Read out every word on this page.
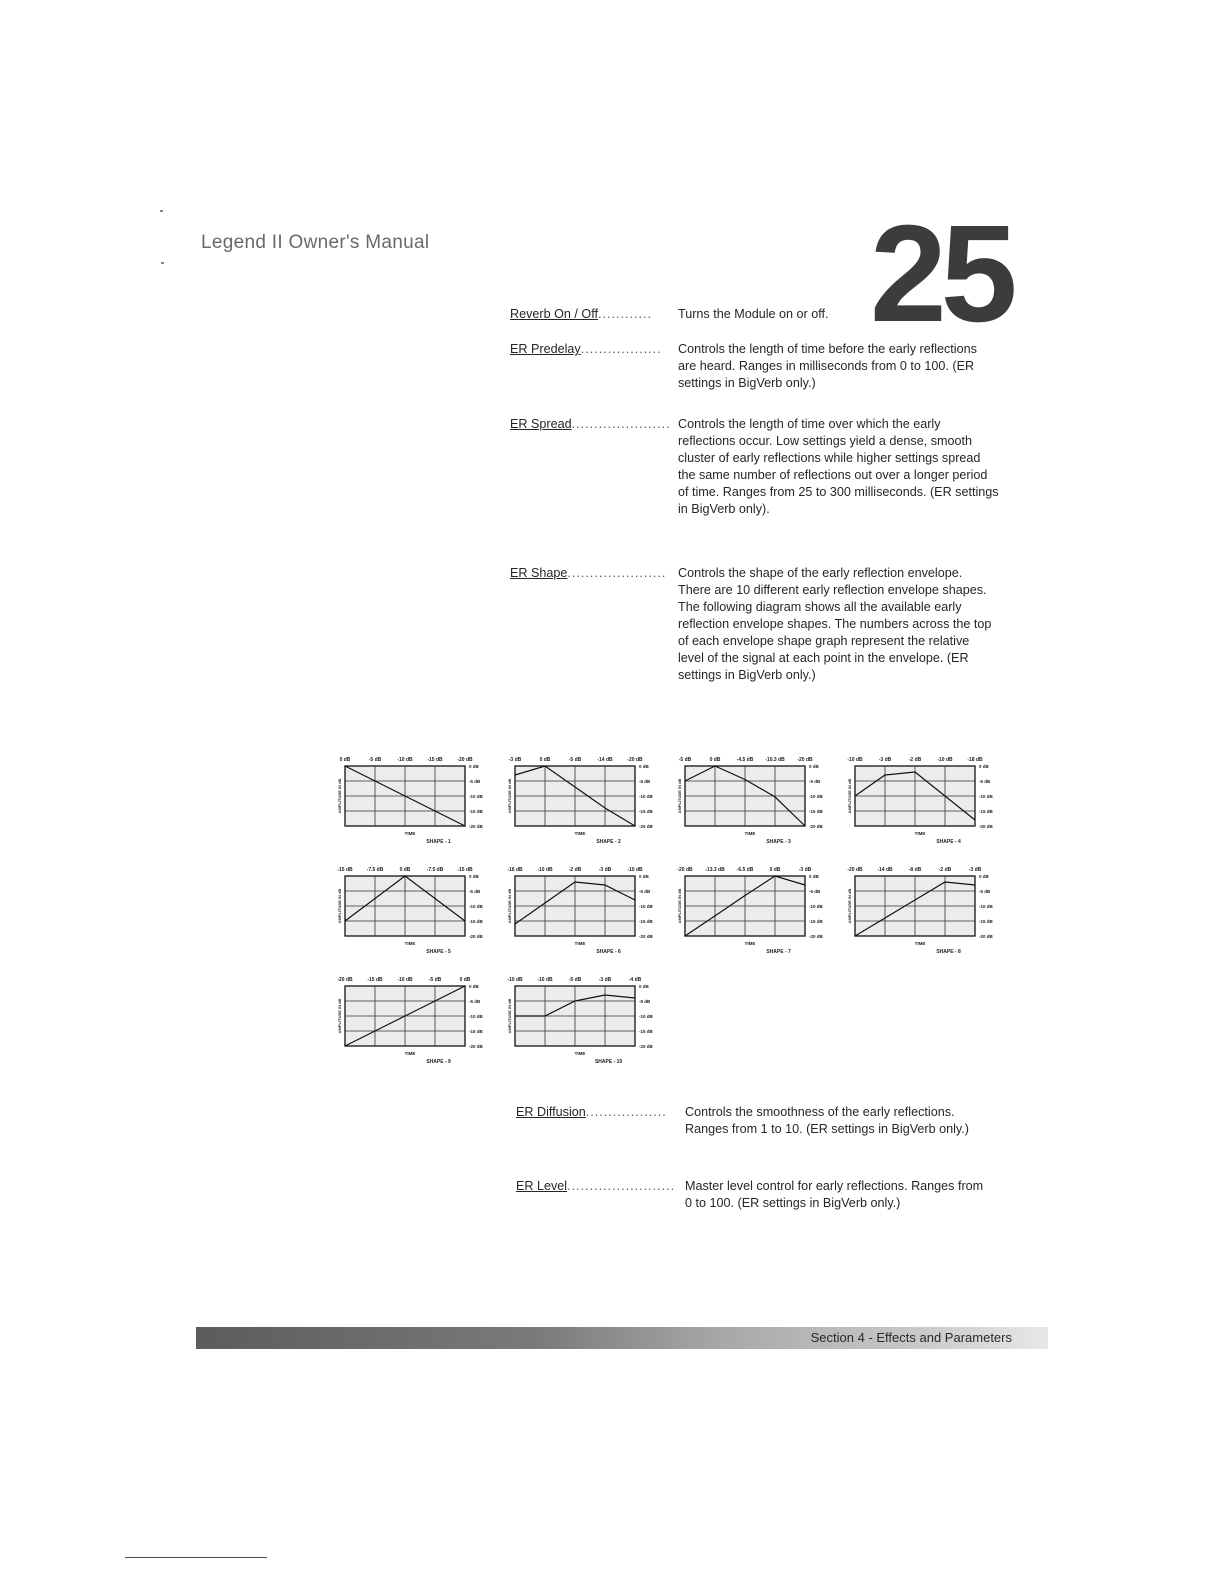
Legend II Owner's Manual	25
Reverb On / Off............	Turns the Module on or off.
ER Predelay..................	Controls the length of time before the early reflections are heard. Ranges in milliseconds from 0 to 100. (ER settings in BigVerb only.)
ER Spread...................... Controls the length of time over which the early reflections occur. Low settings yield a dense, smooth cluster of early reflections while higher settings spread the same number of reflections out over a longer period of time. Ranges from 25 to 300 milliseconds. (ER settings in BigVerb only).
ER Shape...................... Controls the shape of the early reflection envelope. There are 10 different early reflection envelope shapes. The following diagram shows all the available early reflection envelope shapes. The numbers across the top of each envelope shape graph represent the relative level of the signal at each point in the envelope. (ER settings in BigVerb only.)
0 dB	-5 dB	-10 dB	-15 dB	-20 dB
0 dB
-5 dB
-10 dB
-15 dB
-20 dB
AMPLITUDE IN dB
TIME
SHAPE - 1
-3 dB	0 dB	-5 dB	-14 dB	-20 dB
0 dB
-5 dB
-10 dB
-15 dB
-20 dB
AMPLITUDE IN dB
TIME
SHAPE - 2
-5 dB	0 dB	-4.5 dB -10.3 dB	-20 dB
0 dB
-5 dB
-10 dB
-15 dB
-20 dB
AMPLITUDE IN dB
TIME
SHAPE - 3
-10 dB	-3 dB	-2 dB	-10 dB	-18 dB
0 dB
-5 dB
-10 dB
-15 dB
-20 dB
AMPLITUDE IN dB
TIME
SHAPE - 4
-15 dB	-7.5 dB	0 dB	-7.5 dB	-15 dB
0 dB
-5 dB
-10 dB
-15 dB
-20 dB
AMPLITUDE IN dB
TIME
SHAPE - 5
-16 dB	-10 dB	-2 dB	-3 dB	-10 dB
0 dB
-5 dB
-10 dB
-15 dB
-20 dB
AMPLITUDE IN dB
TIME
SHAPE - 6
-20 dB	-13.3 dB -6.5 dB	0 dB	-3 dB
0 dB
-5 dB
-10 dB
-15 dB
-20 dB
AMPLITUDE IN dB
TIME
SHAPE - 7
-20 dB	-14 dB	-8 dB	-2 dB	-3 dB
0 dB
-5 dB
-10 dB
-15 dB
-20 dB
AMPLITUDE IN dB
TIME
SHAPE - 8
-20 dB	-15 dB	-10 dB	-5 dB	0 dB
0 dB
-5 dB
-10 dB
-15 dB
-20 dB
AMPLITUDE IN dB
TIME
SHAPE - 9
-10 dB	-10 dB	-5 dB	-3 dB	-4 dB
0 dB
-5 dB
-10 dB
-15 dB
-20 dB
AMPLITUDE IN dB
TIME
SHAPE - 10
ER Diffusion..................	Controls the smoothness of the early reflections. Ranges from 1 to 10. (ER settings in BigVerb only.)
ER Level........................ Master level control for early reflections. Ranges from 0 to 100. (ER settings in BigVerb only.)
Section 4 - Effects and Parameters
